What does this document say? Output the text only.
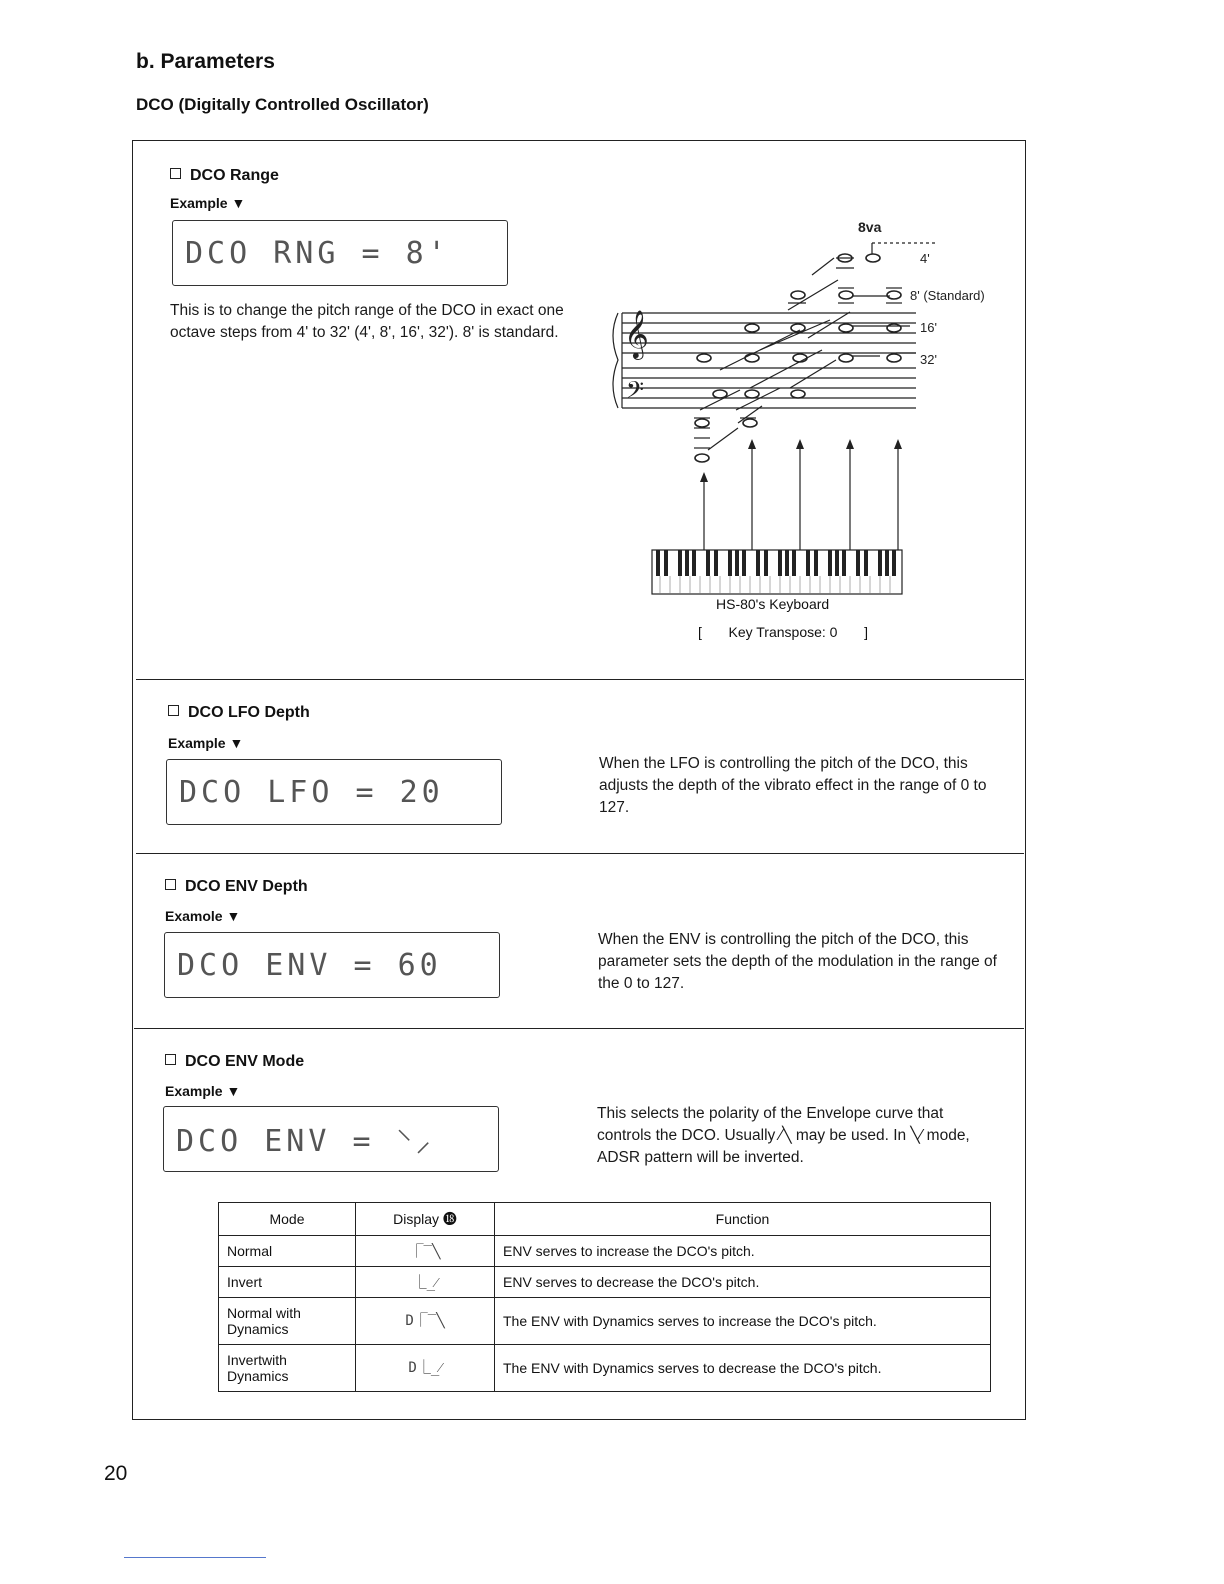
b. Parameters
DCO (Digitally Controlled Oscillator)
DCO Range
Example ▼
DCO RNG = 8'
This is to change the pitch range of the DCO in exact one octave steps from 4' to 32' (4', 8', 16', 32'). 8' is standard.	𝄞
𝄢
8va
4'
8' (Standard)
16'
32'
HS-80's Keyboard
[ Key Transpose: 0 ]
DCO LFO Depth
Example ▼
DCO LFO = 20
When the LFO is controlling the pitch of the DCO, this adjusts the depth of the vibrato effect in the range of 0 to 127.
DCO ENV Depth
Examole ▼
DCO ENV = 60
When the ENV is controlling the pitch of the DCO, this parameter sets the depth of the modulation in the range of the 0 to 127.
DCO ENV Mode
Example ▼
DCO ENV = ⸌⸝
This selects the polarity of the Envelope curve that controls the DCO. Usually ⁄╲ may be used. In ╲⁄ mode, ADSR pattern will be inverted.
Mode	Display ⓲	Function
Normal	⎾‾╲	ENV serves to increase the DCO's pitch.
Invert	⎿_⁄	ENV serves to decrease the DCO's pitch.
Normal with Dynamics	D⎾‾╲	The ENV with Dynamics serves to increase the DCO's pitch.
Invertwith Dynamics	D⎿_⁄	The ENV with Dynamics serves to decrease the DCO's pitch.
20
